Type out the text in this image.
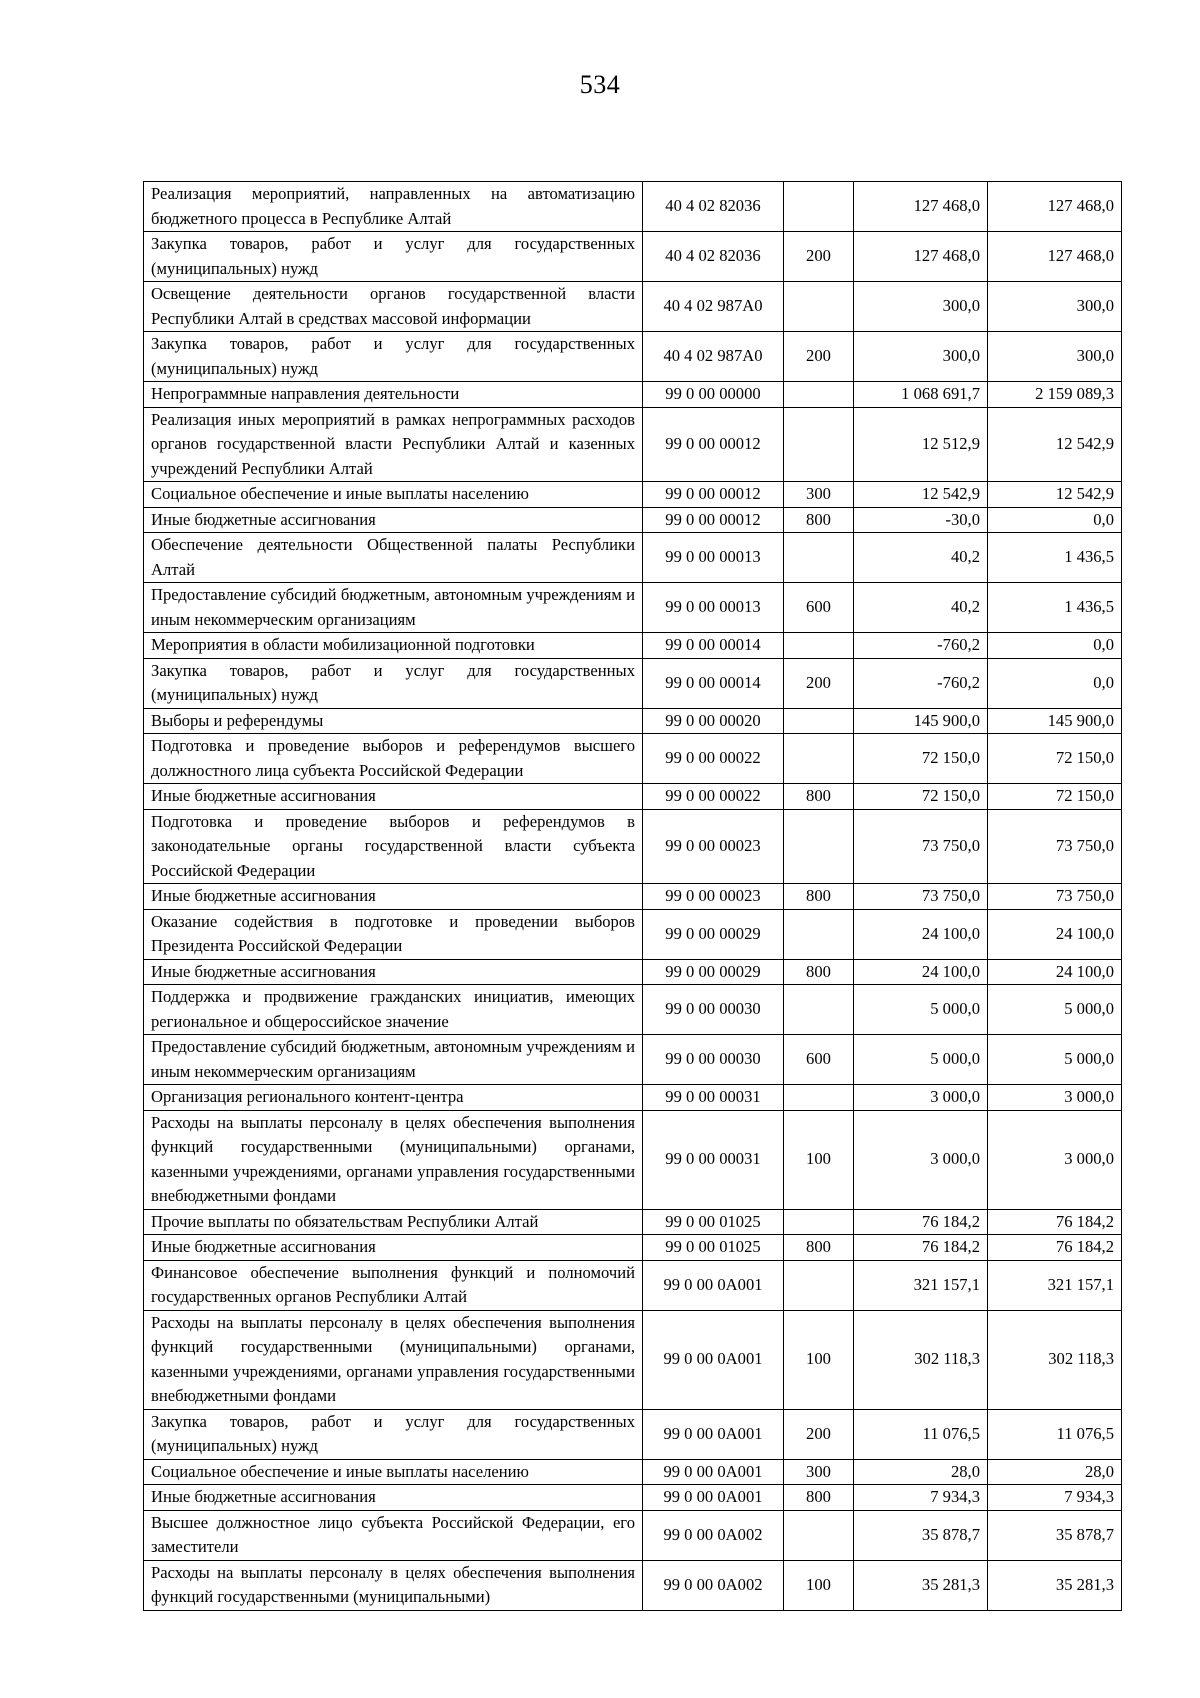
534
Реализация мероприятий, направленных на автоматизацию бюджетного процесса в Республике Алтай	40 4 02 82036		127 468,0	127 468,0
Закупка товаров, работ и услуг для государственных (муниципальных) нужд	40 4 02 82036	200	127 468,0	127 468,0
Освещение деятельности органов государственной власти Республики Алтай в средствах массовой информации	40 4 02 987А0		300,0	300,0
Закупка товаров, работ и услуг для государственных (муниципальных) нужд	40 4 02 987А0	200	300,0	300,0
Непрограммные направления деятельности	99 0 00 00000		1 068 691,7	2 159 089,3
Реализация иных мероприятий в рамках непрограммных расходов органов государственной власти Республики Алтай и казенных учреждений Республики Алтай	99 0 00 00012		12 512,9	12 542,9
Социальное обеспечение и иные выплаты населению	99 0 00 00012	300	12 542,9	12 542,9
Иные бюджетные ассигнования	99 0 00 00012	800	-30,0	0,0
Обеспечение деятельности Общественной палаты Республики Алтай	99 0 00 00013		40,2	1 436,5
Предоставление субсидий бюджетным, автономным учреждениям и иным некоммерческим организациям	99 0 00 00013	600	40,2	1 436,5
Мероприятия в области мобилизационной подготовки	99 0 00 00014		-760,2	0,0
Закупка товаров, работ и услуг для государственных (муниципальных) нужд	99 0 00 00014	200	-760,2	0,0
Выборы и референдумы	99 0 00 00020		145 900,0	145 900,0
Подготовка и проведение выборов и референдумов высшего должностного лица субъекта Российской Федерации	99 0 00 00022		72 150,0	72 150,0
Иные бюджетные ассигнования	99 0 00 00022	800	72 150,0	72 150,0
Подготовка и проведение выборов и референдумов в законодательные органы государственной власти субъекта Российской Федерации	99 0 00 00023		73 750,0	73 750,0
Иные бюджетные ассигнования	99 0 00 00023	800	73 750,0	73 750,0
Оказание содействия в подготовке и проведении выборов Президента Российской Федерации	99 0 00 00029		24 100,0	24 100,0
Иные бюджетные ассигнования	99 0 00 00029	800	24 100,0	24 100,0
Поддержка и продвижение гражданских инициатив, имеющих региональное и общероссийское значение	99 0 00 00030		5 000,0	5 000,0
Предоставление субсидий бюджетным, автономным учреждениям и иным некоммерческим организациям	99 0 00 00030	600	5 000,0	5 000,0
Организация регионального контент-центра	99 0 00 00031		3 000,0	3 000,0
Расходы на выплаты персоналу в целях обеспечения выполнения функций государственными (муниципальными) органами, казенными учреждениями, органами управления государственными внебюджетными фондами	99 0 00 00031	100	3 000,0	3 000,0
Прочие выплаты по обязательствам Республики Алтай	99 0 00 01025		76 184,2	76 184,2
Иные бюджетные ассигнования	99 0 00 01025	800	76 184,2	76 184,2
Финансовое обеспечение выполнения функций и полномочий государственных органов Республики Алтай	99 0 00 0А001		321 157,1	321 157,1
Расходы на выплаты персоналу в целях обеспечения выполнения функций государственными (муниципальными) органами, казенными учреждениями, органами управления государственными внебюджетными фондами	99 0 00 0А001	100	302 118,3	302 118,3
Закупка товаров, работ и услуг для государственных (муниципальных) нужд	99 0 00 0А001	200	11 076,5	11 076,5
Социальное обеспечение и иные выплаты населению	99 0 00 0А001	300	28,0	28,0
Иные бюджетные ассигнования	99 0 00 0А001	800	7 934,3	7 934,3
Высшее должностное лицо субъекта Российской Федерации, его заместители	99 0 00 0А002		35 878,7	35 878,7
Расходы на выплаты персоналу в целях обеспечения выполнения функций государственными (муниципальными)	99 0 00 0А002	100	35 281,3	35 281,3
